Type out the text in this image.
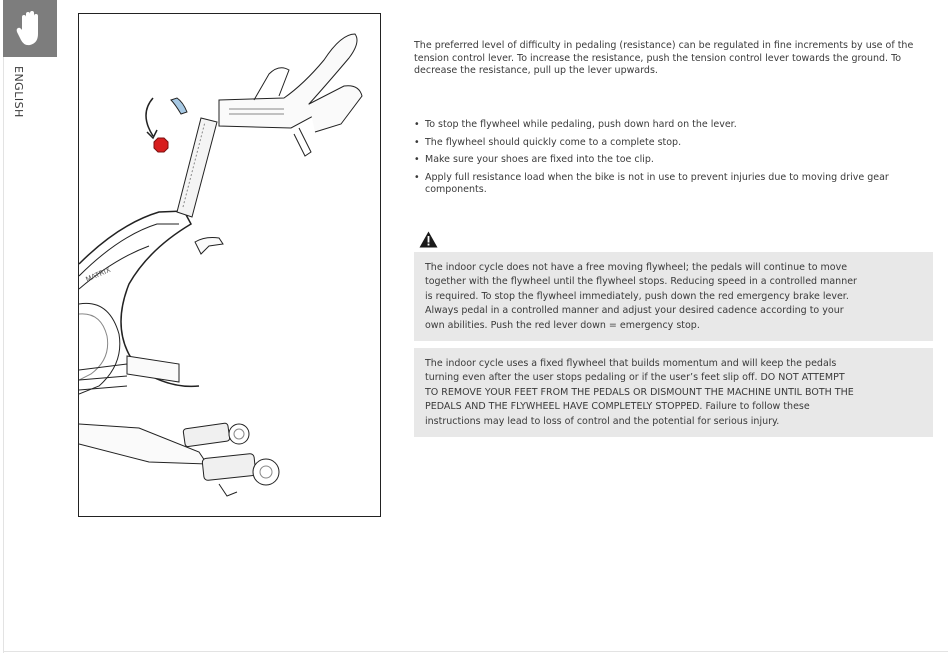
ENGLISH
MATRIX

The preferred level of difficulty in pedaling (resistance) can be regulated in fine increments by use of the tension control lever. To increase the resistance, push the tension control lever towards the ground. To decrease the resistance, pull up the lever upwards.

• To stop the flywheel while pedaling, push down hard on the lever.
• The flywheel should quickly come to a complete stop.
• Make sure your shoes are fixed into the toe clip.
• Apply full resistance load when the bike is not in use to prevent injuries due to moving drive gear components.

The indoor cycle does not have a free moving flywheel; the pedals will continue to move together with the flywheel until the flywheel stops. Reducing speed in a controlled manner is required. To stop the flywheel immediately, push down the red emergency brake lever. Always pedal in a controlled manner and adjust your desired cadence according to your own abilities. Push the red lever down = emergency stop.

The indoor cycle uses a fixed flywheel that builds momentum and will keep the pedals turning even after the user stops pedaling or if the user’s feet slip off. DO NOT ATTEMPT TO REMOVE YOUR FEET FROM THE PEDALS OR DISMOUNT THE MACHINE UNTIL BOTH THE PEDALS AND THE FLYWHEEL HAVE COMPLETELY STOPPED. Failure to follow these instructions may lead to loss of control and the potential for serious injury.
